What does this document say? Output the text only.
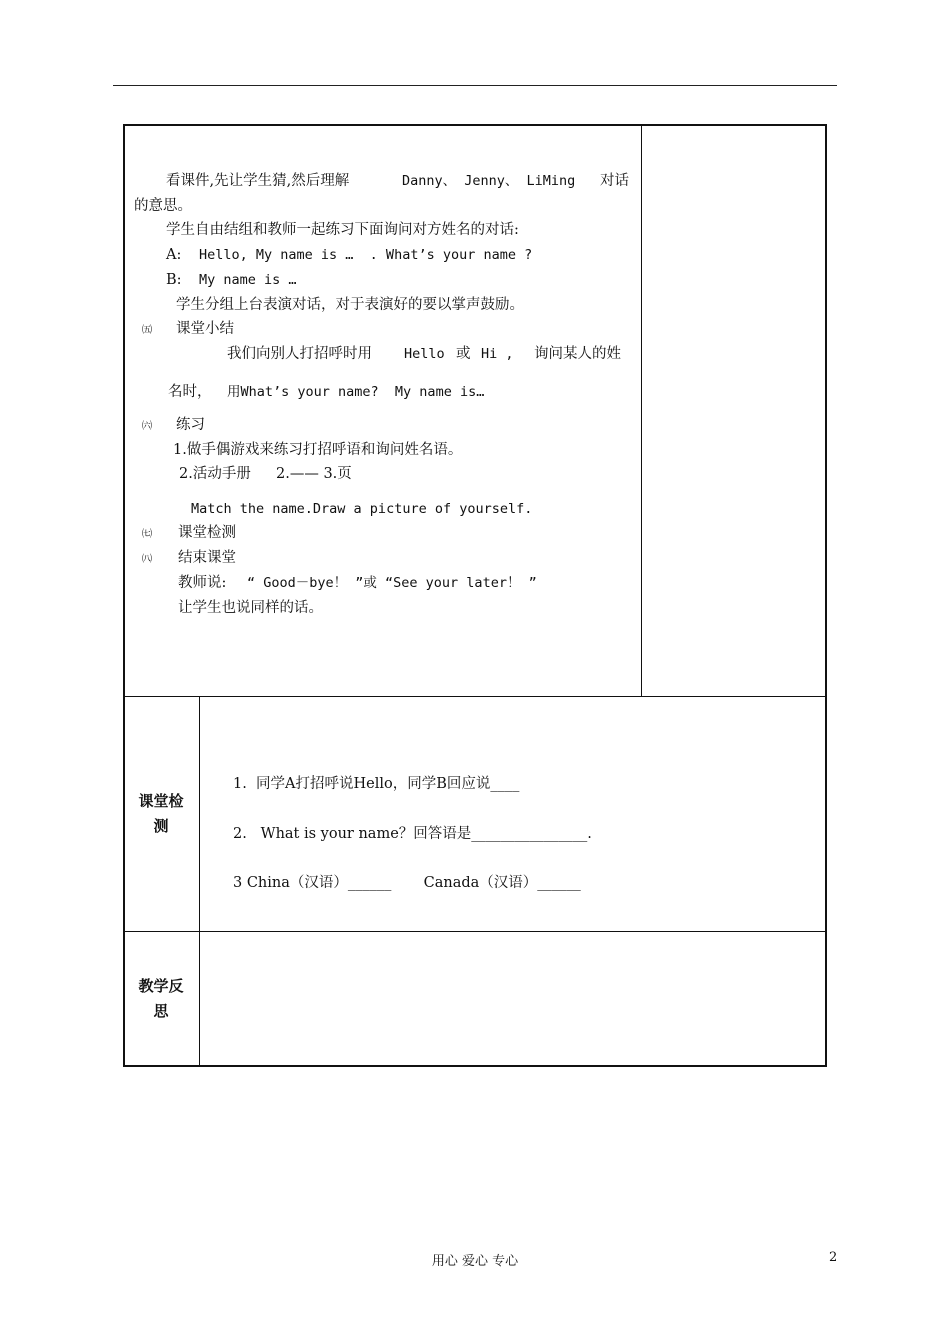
看课件,先让学生猜,然后理解	Danny、 Jenny、 LiMing 对话
的意思。
学生自由结组和教师一起练习下面询问对方姓名的对话:
A: Hello, My name is …  . What’s your name ?
B: My name is …
学生分组上台表演对话，对于表演好的要以掌声鼓励。
㈤ 课堂小结
我们向别人打招呼时用 Hello 或 Hi , 询问某人的姓
名时， 用What’s your name?  My name is…
㈥ 练习
1.做手偶游戏来练习打招呼语和询问姓名语。
2.活动手册 2.—— 3.页
Match the name.Draw a picture of yourself.
㈦ 课堂检测
㈧ 结束课堂
教师说: “ Good－bye！ ”或 “See your later！ ”
让学生也说同样的话。
课堂检
测
1.  同学A打招呼说Hello，同学B回应说____
2.   What is your name？回答语是________________.
3 China（汉语）______       Canada（汉语）______
教学反
思
用心 爱心 专心	2
